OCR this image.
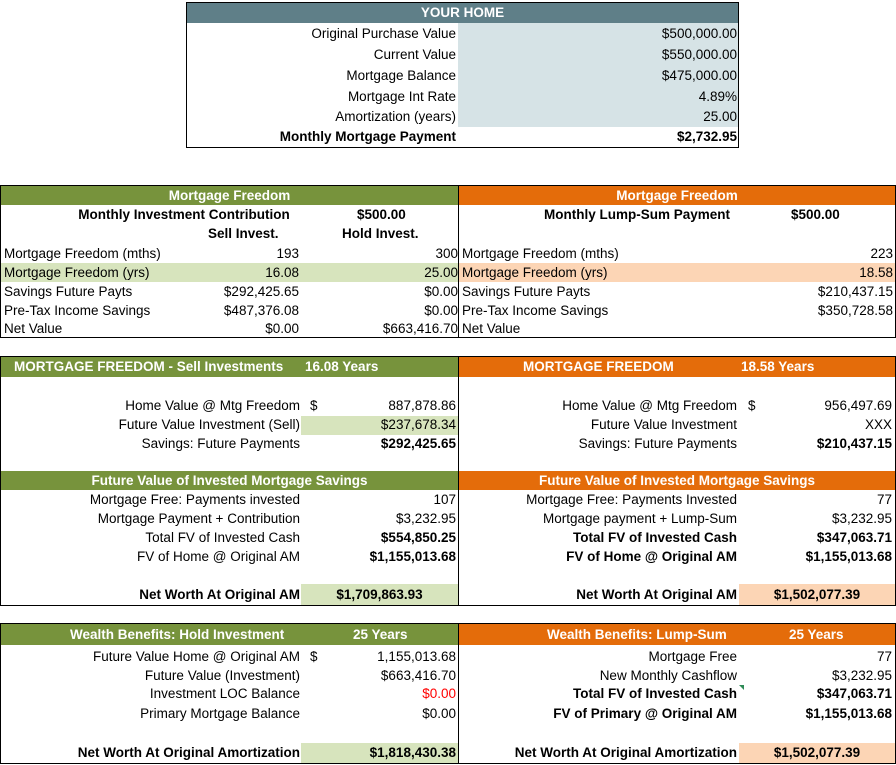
YOUR HOME
Original Purchase Value	$500,000.00
Current Value	$550,000.00
Mortgage Balance	$475,000.00
Mortgage Int Rate	4.89%
Amortization (years)	25.00
Monthly Mortgage Payment	$2,732.95
Mortgage Freedom	Mortgage Freedom
Monthly Investment Contribution	$500.00	Monthly Lump-Sum Payment	$500.00
Sell Invest.	Hold Invest.
Mortgage Freedom (mths)	193	300 Mortgage Freedom (mths)	223
Mortgage Freedom (yrs)	16.08	25.00 Mortgage Freedom (yrs)	18.58
Savings Future Payts	$292,425.65	$0.00 Savings Future Payts	$210,437.15
Pre-Tax Income Savings	$487,376.08	$0.00 Pre-Tax Income Savings	$350,728.58
Net Value	$0.00	$663,416.70 Net Value
MORTGAGE FREEDOM - Sell Investments 16.08 Years	MORTGAGE FREEDOM	18.58 Years
Home Value @ Mtg Freedom $	887,878.86	Home Value @ Mtg Freedom $	956,497.69
Future Value Investment (Sell)	$237,678.34	Future Value Investment	XXX
Savings: Future Payments	$292,425.65	Savings: Future Payments	$210,437.15
Future Value of Invested Mortgage Savings	Future Value of Invested Mortgage Savings
Mortgage Free: Payments invested	107	Mortgage Free: Payments Invested	77
Mortgage Payment + Contribution	$3,232.95	Mortgage payment + Lump-Sum	$3,232.95
Total FV of Invested Cash	$554,850.25	Total FV of Invested Cash	$347,063.71
FV of Home @ Original AM	$1,155,013.68	FV of Home @ Original AM	$1,155,013.68
Net Worth At Original AM	$1,709,863.93	Net Worth At Original AM	$1,502,077.39
Wealth Benefits: Hold Investment	25 Years	Wealth Benefits: Lump-Sum	25 Years
Future Value Home @ Original AM $	1,155,013.68	Mortgage Free	77
Future Value (Investment)	$663,416.70	New Monthly Cashflow	$3,232.95
Investment LOC Balance	$0.00	Total FV of Invested Cash	$347,063.71
Primary Mortgage Balance	$0.00	FV of Primary @ Original AM	$1,155,013.68
Net Worth At Original Amortization	$1,818,430.38	Net Worth At Original Amortization	$1,502,077.39
